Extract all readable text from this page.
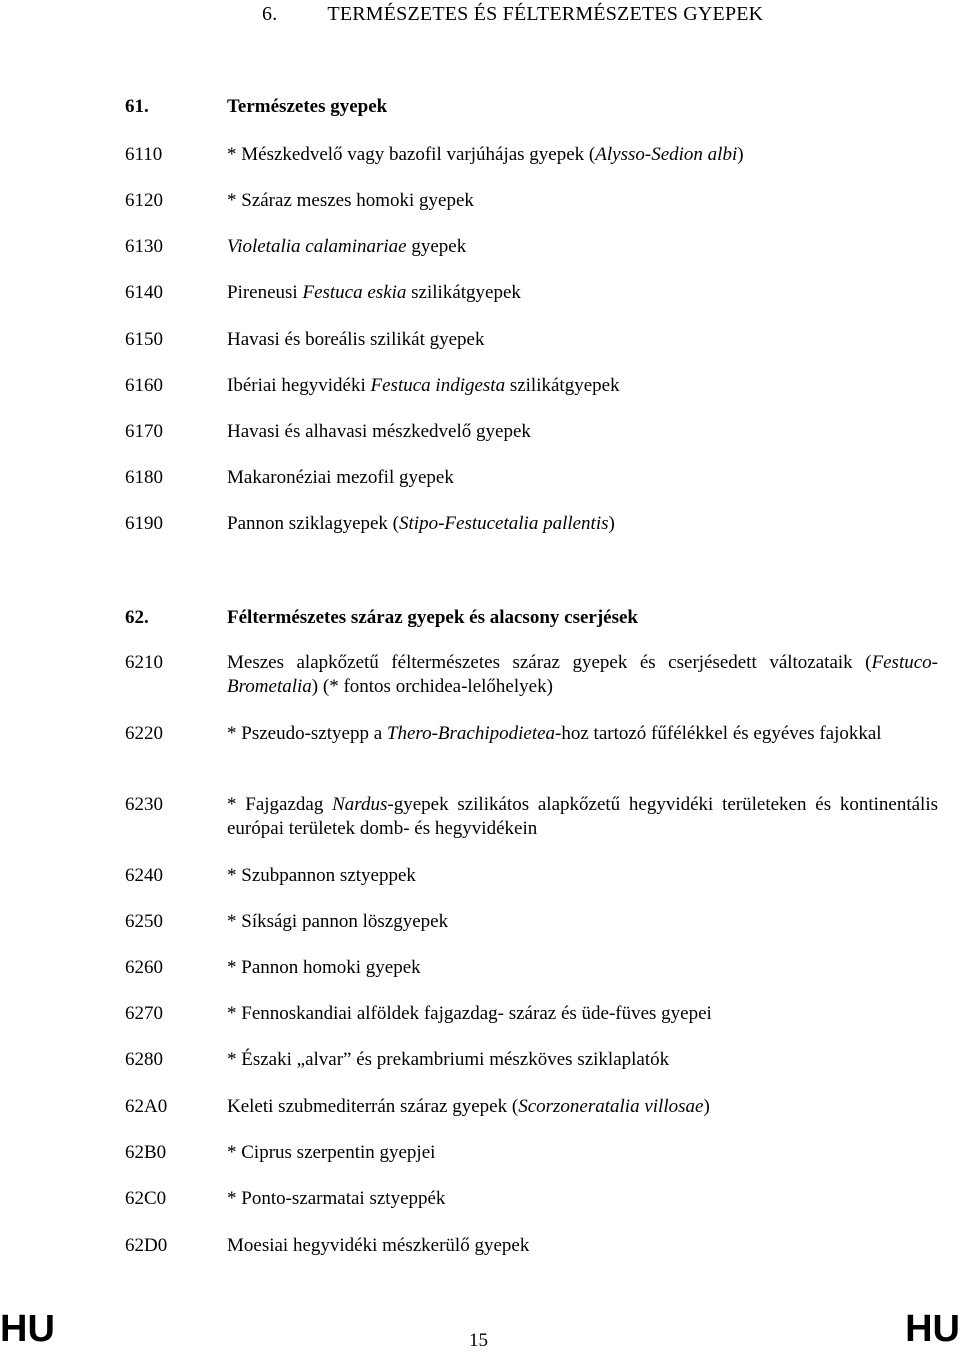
6.	TERMÉSZETES ÉS FÉLTERMÉSZETES GYEPEK
61.	Természetes gyepek
6110	* Mészkedvelő vagy bazofil varjúhájas gyepek (Alysso-Sedion albi)
6120	* Száraz meszes homoki gyepek
6130	Violetalia calaminariae gyepek
6140	Pireneusi Festuca eskia szilikátgyepek
6150	Havasi és boreális szilikát gyepek
6160	Ibériai hegyvidéki Festuca indigesta szilikátgyepek
6170	Havasi és alhavasi mészkedvelő gyepek
6180	Makaronéziai mezofil gyepek
6190	Pannon sziklagyepek (Stipo-Festucetalia pallentis)
62.	Féltermészetes száraz gyepek és alacsony cserjések
6210	Meszes alapkőzetű féltermészetes száraz gyepek és cserjésedett változataik (Festuco-Brometalia) (* fontos orchidea-lelőhelyek)
6220	* Pszeudo-sztyepp a Thero-Brachipodietea-hoz tartozó fűfélékkel és egyéves fajokkal
6230	* Fajgazdag Nardus-gyepek szilikátos alapkőzetű hegyvidéki területeken és kontinentális európai területek domb- és hegyvidékein
6240	* Szubpannon sztyeppek
6250	* Síksági pannon löszgyepek
6260	* Pannon homoki gyepek
6270	* Fennoskandiai alföldek fajgazdag- száraz és üde-füves gyepei
6280	* Északi „alvar” és prekambriumi mészköves sziklaplatók
62A0	Keleti szubmediterrán száraz gyepek (Scorzoneratalia villosae)
62B0	* Ciprus szerpentin gyepjei
62C0	* Ponto-szarmatai sztyeppék
62D0	Moesiai hegyvidéki mészkerülő gyepek
HU	15	HU
